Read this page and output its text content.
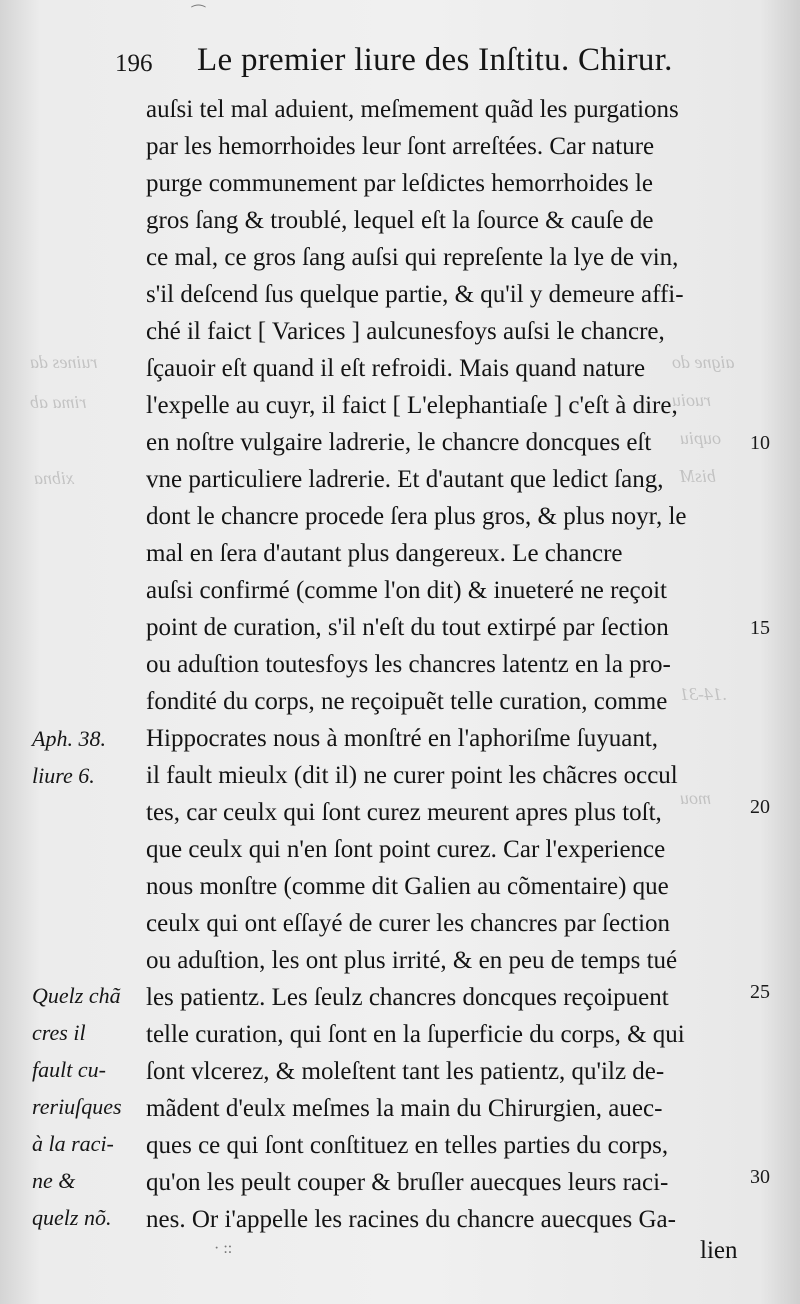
ruines da
rima ab
xibna
aigne do
ruoiu
oupiu
bisM
.14-31
mou
· ::
⁀
196 Le premier liure des Inſtitu. Chirur.
auſsi tel mal aduient, meſmement quãd les purgations
par les hemorrhoides leur ſont arreſtées. Car nature
purge communement par leſdictes hemorrhoides le
gros ſang & troublé, lequel eſt la ſource & cauſe de
ce mal, ce gros ſang auſsi qui repreſente la lye de vin,
s'il deſcend ſus quelque partie, & qu'il y demeure affi-
ché il faict [ Varices ] aulcunesfoys auſsi le chancre,
ſçauoir eſt quand il eſt refroidi. Mais quand nature
l'expelle au cuyr, il faict [ L'elephantiaſe ] c'eſt à dire,
en noſtre vulgaire ladrerie, le chancre doncques eſt	10
vne particuliere ladrerie. Et d'autant que ledict ſang,
dont le chancre procede ſera plus gros, & plus noyr, le
mal en ſera d'autant plus dangereux. Le chancre
auſsi confirmé (comme l'on dit) & inueteré ne reçoit
point de curation, s'il n'eſt du tout extirpé par ſection	15
ou aduſtion toutesfoys les chancres latentz en la pro-
fondité du corps, ne reçoipuẽt telle curation, comme
Hippocrates nous à monſtré en l'aphoriſme ſuyuant,
il fault mieulx (dit il) ne curer point les chãcres occul
tes, car ceulx qui ſont curez meurent apres plus toſt,	20
que ceulx qui n'en ſont point curez. Car l'experience
nous monſtre (comme dit Galien au cõmentaire) que
ceulx qui ont eſſayé de curer les chancres par ſection
ou aduſtion, les ont plus irrité, & en peu de temps tué
les patientz. Les ſeulz chancres doncques reçoipuent	25
telle curation, qui ſont en la ſuperficie du corps, & qui
ſont vlcerez, & moleſtent tant les patientz, qu'ilz de-
mãdent d'eulx meſmes la main du Chirurgien, auec-
ques ce qui ſont conſtituez en telles parties du corps,
qu'on les peult couper & bruſler auecques leurs raci-	30
nes. Or i'appelle les racines du chancre auecques Ga-
lien
Aph. 38.
liure 6.
Quelz chã
cres il
fault cu-
reriuſques
à la raci-
ne &
quelz nõ.
